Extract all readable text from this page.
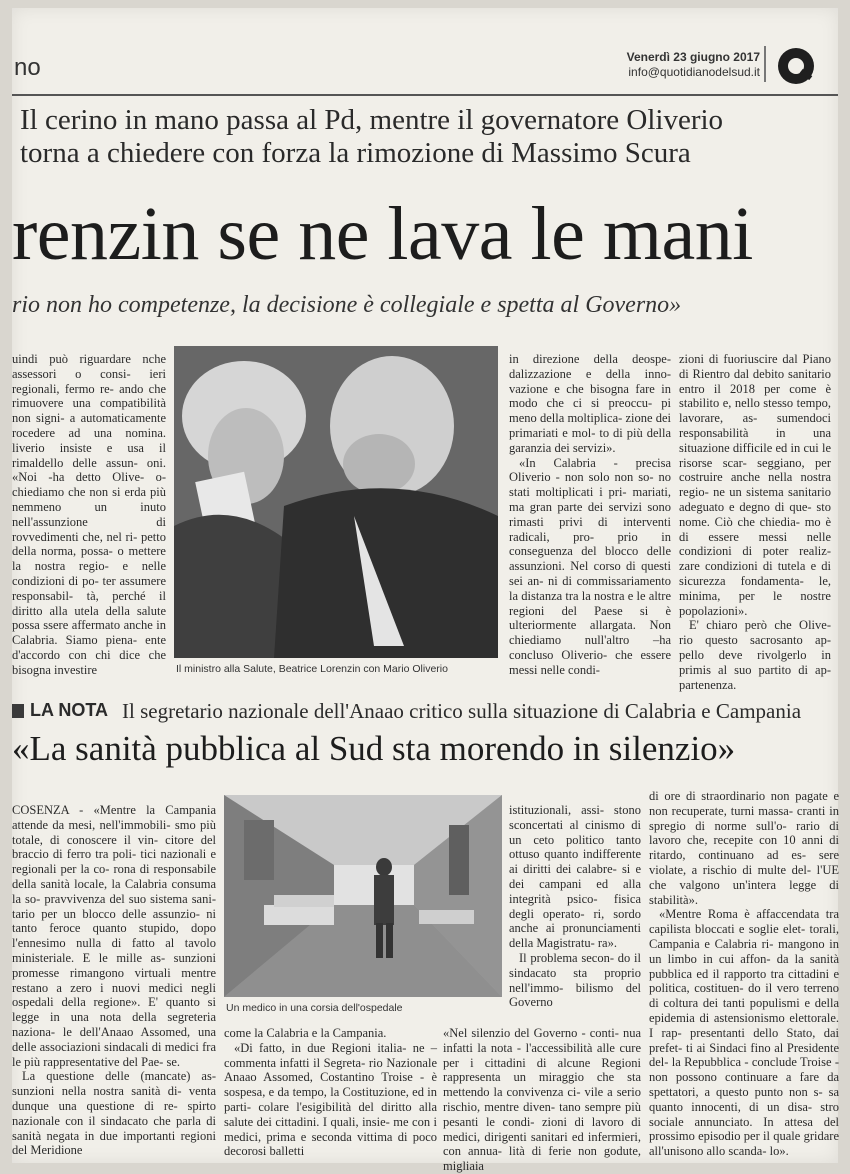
no	Venerdì 23 giugno 2017
info@quotidianodelsud.it
Il cerino in mano passa al Pd, mentre il governatore Oliverio
torna a chiedere con forza la rimozione di Massimo Scura
renzin se ne lava le mani
rio non ho competenze, la decisione è collegiale e spetta al Governo»

uindi può riguardare nche assessori o consi- ieri regionali, fermo re- ando che rimuovere una compatibilità non signi- a automaticamente rocedere ad una nomina. liverio insiste e usa il rimaldello delle assun- oni. «Noi -ha detto Olive- o- chiediamo che non si erda più nemmeno un inuto nell'assunzione di rovvedimenti che, nel ri- petto della norma, possa- o mettere la nostra regio- e nelle condizioni di po- ter assumere responsabil- tà, perché il diritto alla utela della salute possa ssere affermato anche in Calabria. Siamo piena- ente d'accordo con chi dice che bisogna investire	Il ministro alla Salute, Beatrice Lorenzin con Mario Oliverio

in direzione della deospe- dalizzazione e della inno- vazione e che bisogna fare in modo che ci si preoccu- pi meno della moltiplica- zione dei primariati e mol- to di più della garanzia dei servizi».

«In Calabria - precisa Oliverio - non solo non so- no stati moltiplicati i pri- mariati, ma gran parte dei servizi sono rimasti privi di interventi radicali, pro- prio in conseguenza del blocco delle assunzioni. Nel corso di questi sei an- ni di commissariamento la distanza tra la nostra e le altre regioni del Paese si è ulteriormente allargata. Non chiediamo null'altro –ha concluso Oliverio- che essere messi nelle condi-

zioni di fuoriuscire dal Piano di Rientro dal debito sanitario entro il 2018 per come è stabilito e, nello stesso tempo, lavorare, as- sumendoci responsabilità in una situazione difficile ed in cui le risorse scar- seggiano, per costruire anche nella nostra regio- ne un sistema sanitario adeguato e degno di que- sto nome. Ciò che chiedia- mo è di essere messi nelle condizioni di poter realiz- zare condizioni di tutela e di sicurezza fondamenta- le, minima, per le nostre popolazioni».

E' chiaro però che Olive- rio questo sacrosanto ap- pello deve rivolgerlo in primis al suo partito di ap- partenenza.

LA NOTA Il segretario nazionale dell'Anaao critico sulla situazione di Calabria e Campania
«La sanità pubblica al Sud sta morendo in silenzio»

COSENZA - «Mentre la Campania attende da mesi, nell'immobili- smo più totale, di conoscere il vin- citore del braccio di ferro tra poli- tici nazionali e regionali per la co- rona di responsabile della sanità locale, la Calabria consuma la so- pravvivenza del suo sistema sani- tario per un blocco delle assunzio- ni tanto feroce quanto stupido, dopo l'ennesimo nulla di fatto al tavolo ministeriale. E le mille as- sunzioni promesse rimangono virtuali mentre restano a zero i nuovi medici negli ospedali della regione». E' quanto si legge in una nota della segreteria naziona- le dell'Anaao Assomed, una delle associazioni sindacali di medici fra le più rappresentative del Pae- se.

La questione delle (mancate) as- sunzioni nella nostra sanità di- venta dunque una questione di re- spirto nazionale con il sindacato che parla di sanità negata in due importanti regioni del Meridione

Un medico in una corsia dell'ospedale

istituzionali, assi- stono sconcertati al cinismo di un ceto politico tanto ottuso quanto indifferente ai diritti dei calabre- si e dei campani ed alla integrità psico- fisica degli operato- ri, sordo anche ai pronunciamenti della Magistratu- ra».

Il problema secon- do il sindacato sta proprio nell'immo- bilismo del Governo

come la Calabria e la Campania.

«Di fatto, in due Regioni italia- ne – commenta infatti il Segreta- rio Nazionale Anaao Assomed, Costantino Troise - è sospesa, e da tempo, la Costituzione, ed in parti- colare l'esigibilità del diritto alla salute dei cittadini. I quali, insie- me con i medici, prima e seconda vittima di poco decorosi balletti

«Nel silenzio del Governo - conti- nua infatti la nota - l'accessibilità alle cure per i cittadini di alcune Regioni rappresenta un miraggio che sta mettendo la convivenza ci- vile a serio rischio, mentre diven- tano sempre più pesanti le condi- zioni di lavoro di medici, dirigenti sanitari ed infermieri, con annua- lità di ferie non godute, migliaia

di ore di straordinario non pagate e non recuperate, turni massa- cranti in spregio di norme sull'o- rario di lavoro che, recepite con 10 anni di ritardo, continuano ad es- sere violate, a rischio di multe del- l'UE che valgono un'intera legge di stabilità».

«Mentre Roma è affaccendata tra capilista bloccati e soglie elet- torali, Campania e Calabria ri- mangono in un limbo in cui affon- da la sanità pubblica ed il rapporto tra cittadini e politica, costituen- do il vero terreno di coltura dei tanti populismi e della epidemia di astensionismo elettorale. I rap- presentanti dello Stato, dai prefet- ti ai Sindaci fino al Presidente del- la Repubblica - conclude Troise - non possono continuare a fare da spettatori, a questo punto non s- sa quanto innocenti, di un disa- stro sociale annunciato. In attesa del prossimo episodio per il quale gridare all'unisono allo scanda- lo».
